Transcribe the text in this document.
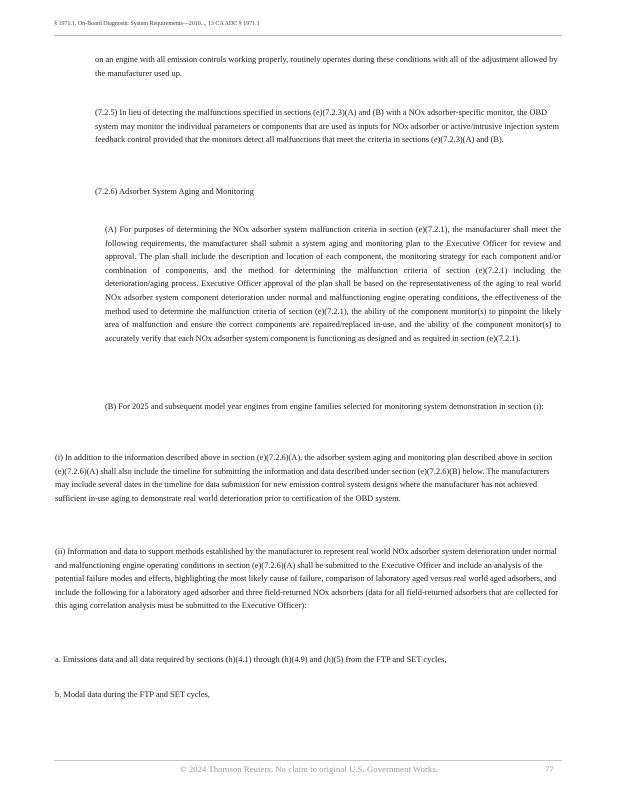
§ 1971.1. On-Board Diagnostic System Requirements—2010..., 13 CA ADC § 1971.1

on an engine with all emission controls working properly, routinely operates during these conditions with all of the adjustment allowed by the manufacturer used up.

(7.2.5) In lieu of detecting the malfunctions specified in sections (e)(7.2.3)(A) and (B) with a NOx adsorber-specific monitor, the OBD system may monitor the individual parameters or components that are used as inputs for NOx adsorber or active/intrusive injection system feedback control provided that the monitors detect all malfunctions that meet the criteria in sections (e)(7.2.3)(A) and (B).

(7.2.6) Adsorber System Aging and Monitoring

(A) For purposes of determining the NOx adsorber system malfunction criteria in section (e)(7.2.1), the manufacturer shall meet the following requirements, the manufacturer shall submit a system aging and monitoring plan to the Executive Officer for review and approval. The plan shall include the description and location of each component, the monitoring strategy for each component and/or combination of components, and the method for determining the malfunction criteria of section (e)(7.2.1) including the deterioration/aging process. Executive Officer approval of the plan shall be based on the representativeness of the aging to real world NOx adsorber system component deterioration under normal and malfunctioning engine operating conditions, the effectiveness of the method used to determine the malfunction criteria of section (e)(7.2.1), the ability of the component monitor(s) to pinpoint the likely area of malfunction and ensure the correct components are repaired/replaced in-use, and the ability of the component monitor(s) to accurately verify that each NOx adsorber system component is functioning as designed and as required in section (e)(7.2.1).

(B) For 2025 and subsequent model year engines from engine families selected for monitoring system demonstration in section (i):

(i) In addition to the information described above in section (e)(7.2.6)(A), the adsorber system aging and monitoring plan described above in section (e)(7.2.6)(A) shall also include the timeline for submitting the information and data described under section (e)(7.2.6)(B) below. The manufacturers may include several dates in the timeline for data submission for new emission control system designs where the manufacturer has not achieved sufficient in-use aging to demonstrate real world deterioration prior to certification of the OBD system.

(ii) Information and data to support methods established by the manufacturer to represent real world NOx adsorber system deterioration under normal and malfunctioning engine operating conditions in section (e)(7.2.6)(A) shall be submitted to the Executive Officer and include an analysis of the potential failure modes and effects, highlighting the most likely cause of failure, comparison of laboratory aged versus real world aged adsorbers, and include the following for a laboratory aged adsorber and three field-returned NOx adsorbers (data for all field-returned adsorbers that are collected for this aging correlation analysis must be submitted to the Executive Officer):

a. Emissions data and all data required by sections (h)(4.1) through (h)(4.9) and (h)(5) from the FTP and SET cycles,

b. Modal data during the FTP and SET cycles,

© 2024 Thomson Reuters. No claim to original U.S. Government Works.	77
